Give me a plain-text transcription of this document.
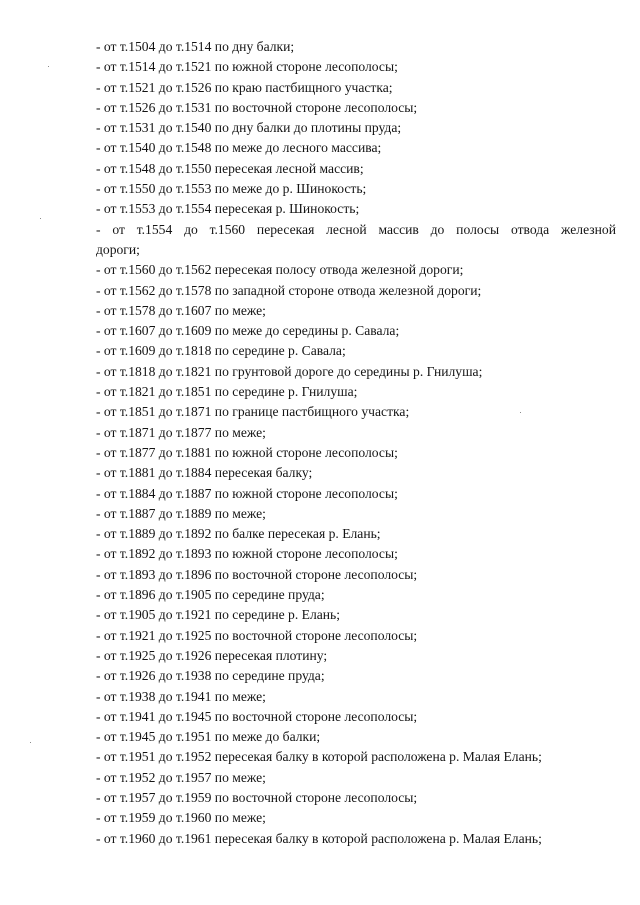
- от т.1504 до т.1514 по дну балки;
- от т.1514 до т.1521 по южной стороне лесополосы;
- от т.1521 до т.1526 по краю пастбищного участка;
- от т.1526 до т.1531 по восточной стороне лесополосы;
- от т.1531 до т.1540 по дну балки до плотины пруда;
- от т.1540 до т.1548 по меже до лесного массива;
- от т.1548 до т.1550 пересекая лесной массив;
- от т.1550 до т.1553 по меже до р. Шинокость;
- от т.1553 до т.1554 пересекая р. Шинокость;
- от т.1554 до т.1560 пересекая лесной массив до полосы отвода железной
дороги;
- от т.1560 до т.1562 пересекая полосу отвода железной дороги;
- от т.1562 до т.1578 по западной стороне отвода железной дороги;
- от т.1578 до т.1607 по меже;
- от т.1607 до т.1609 по меже до середины р. Савала;
- от т.1609 до т.1818 по середине р. Савала;
- от т.1818 до т.1821 по грунтовой дороге до середины р. Гнилуша;
- от т.1821 до т.1851 по середине р. Гнилуша;
- от т.1851 до т.1871 по границе пастбищного участка;
- от т.1871 до т.1877 по меже;
- от т.1877 до т.1881 по южной стороне лесополосы;
- от т.1881 до т.1884 пересекая балку;
- от т.1884 до т.1887 по южной стороне лесополосы;
- от т.1887 до т.1889 по меже;
- от т.1889 до т.1892 по балке пересекая р. Елань;
- от т.1892 до т.1893 по южной стороне лесополосы;
- от т.1893 до т.1896 по восточной стороне лесополосы;
- от т.1896 до т.1905 по середине пруда;
- от т.1905 до т.1921 по середине р. Елань;
- от т.1921 до т.1925 по восточной стороне лесополосы;
- от т.1925 до т.1926 пересекая плотину;
- от т.1926 до т.1938 по середине пруда;
- от т.1938 до т.1941 по меже;
- от т.1941 до т.1945 по восточной стороне лесополосы;
- от т.1945 до т.1951 по меже до балки;
- от т.1951 до т.1952 пересекая балку в которой расположена р. Малая Елань;
- от т.1952 до т.1957 по меже;
- от т.1957 до т.1959 по восточной стороне лесополосы;
- от т.1959 до т.1960 по меже;
- от т.1960 до т.1961 пересекая балку в которой расположена р. Малая Елань;
